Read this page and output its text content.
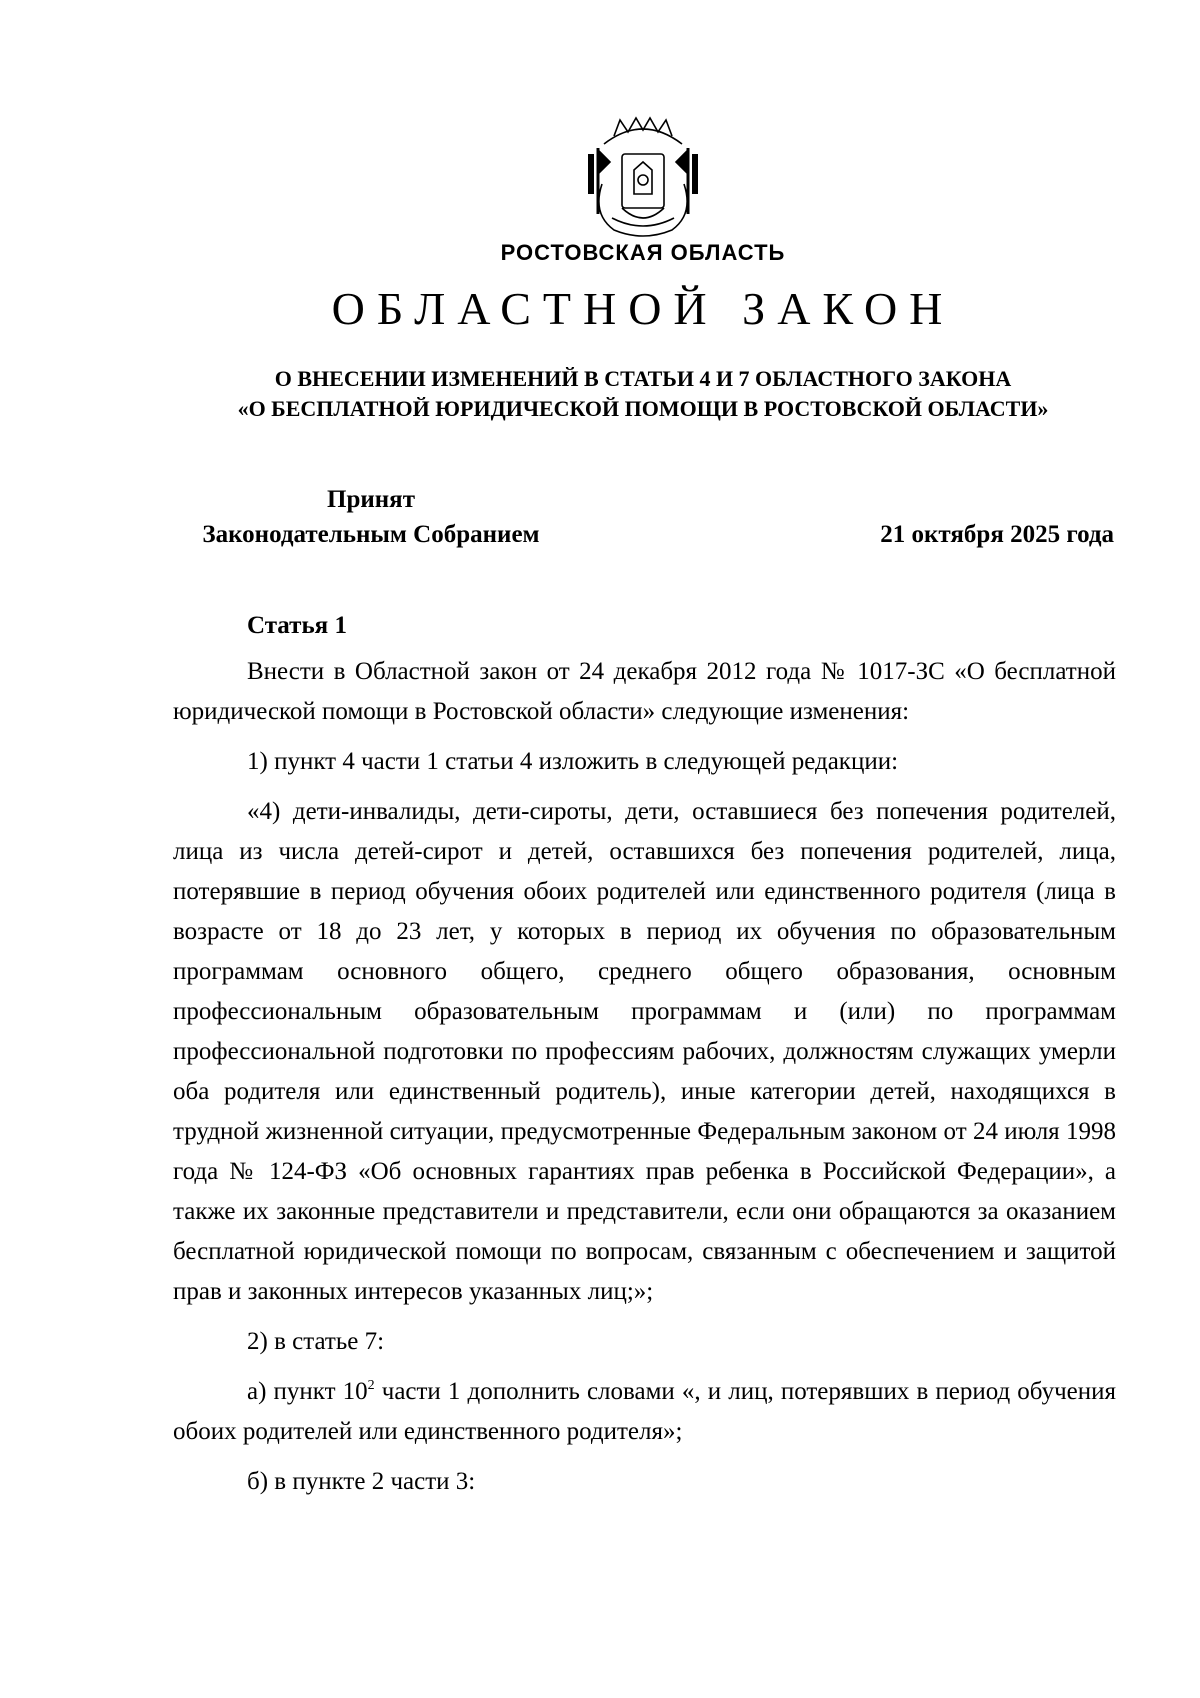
РОСТОВСКАЯ ОБЛАСТЬ
ОБЛАСТНОЙ ЗАКОН
О ВНЕСЕНИИ ИЗМЕНЕНИЙ В СТАТЬИ 4 И 7 ОБЛАСТНОГО ЗАКОНА
«О БЕСПЛАТНОЙ ЮРИДИЧЕСКОЙ ПОМОЩИ В РОСТОВСКОЙ ОБЛАСТИ»
Принят
Законодательным Собранием	21 октября 2025 года
Статья 1

Внести в Областной закон от 24 декабря 2012 года № 1017-ЗС «О бесплатной юридической помощи в Ростовской области» следующие изменения:

1) пункт 4 части 1 статьи 4 изложить в следующей редакции:

«4) дети-инвалиды, дети-сироты, дети, оставшиеся без попечения родителей, лица из числа детей-сирот и детей, оставшихся без попечения родителей, лица, потерявшие в период обучения обоих родителей или единственного родителя (лица в возрасте от 18 до 23 лет, у которых в период их обучения по образовательным программам основного общего, среднего общего образования, основным профессиональным образовательным программам и (или) по программам профессиональной подготовки по профессиям рабочих, должностям служащих умерли оба родителя или единственный родитель), иные категории детей, находящихся в трудной жизненной ситуации, предусмотренные Федеральным законом от 24 июля 1998 года № 124-ФЗ «Об основных гарантиях прав ребенка в Российской Федерации», а также их законные представители и представители, если они обращаются за оказанием бесплатной юридической помощи по вопросам, связанным с обеспечением и защитой прав и законных интересов указанных лиц;»;

2) в статье 7:

а) пункт $10^2$ части 1 дополнить словами «, и лиц, потерявших в период обучения обоих родителей или единственного родителя»;

б) в пункте 2 части 3:
